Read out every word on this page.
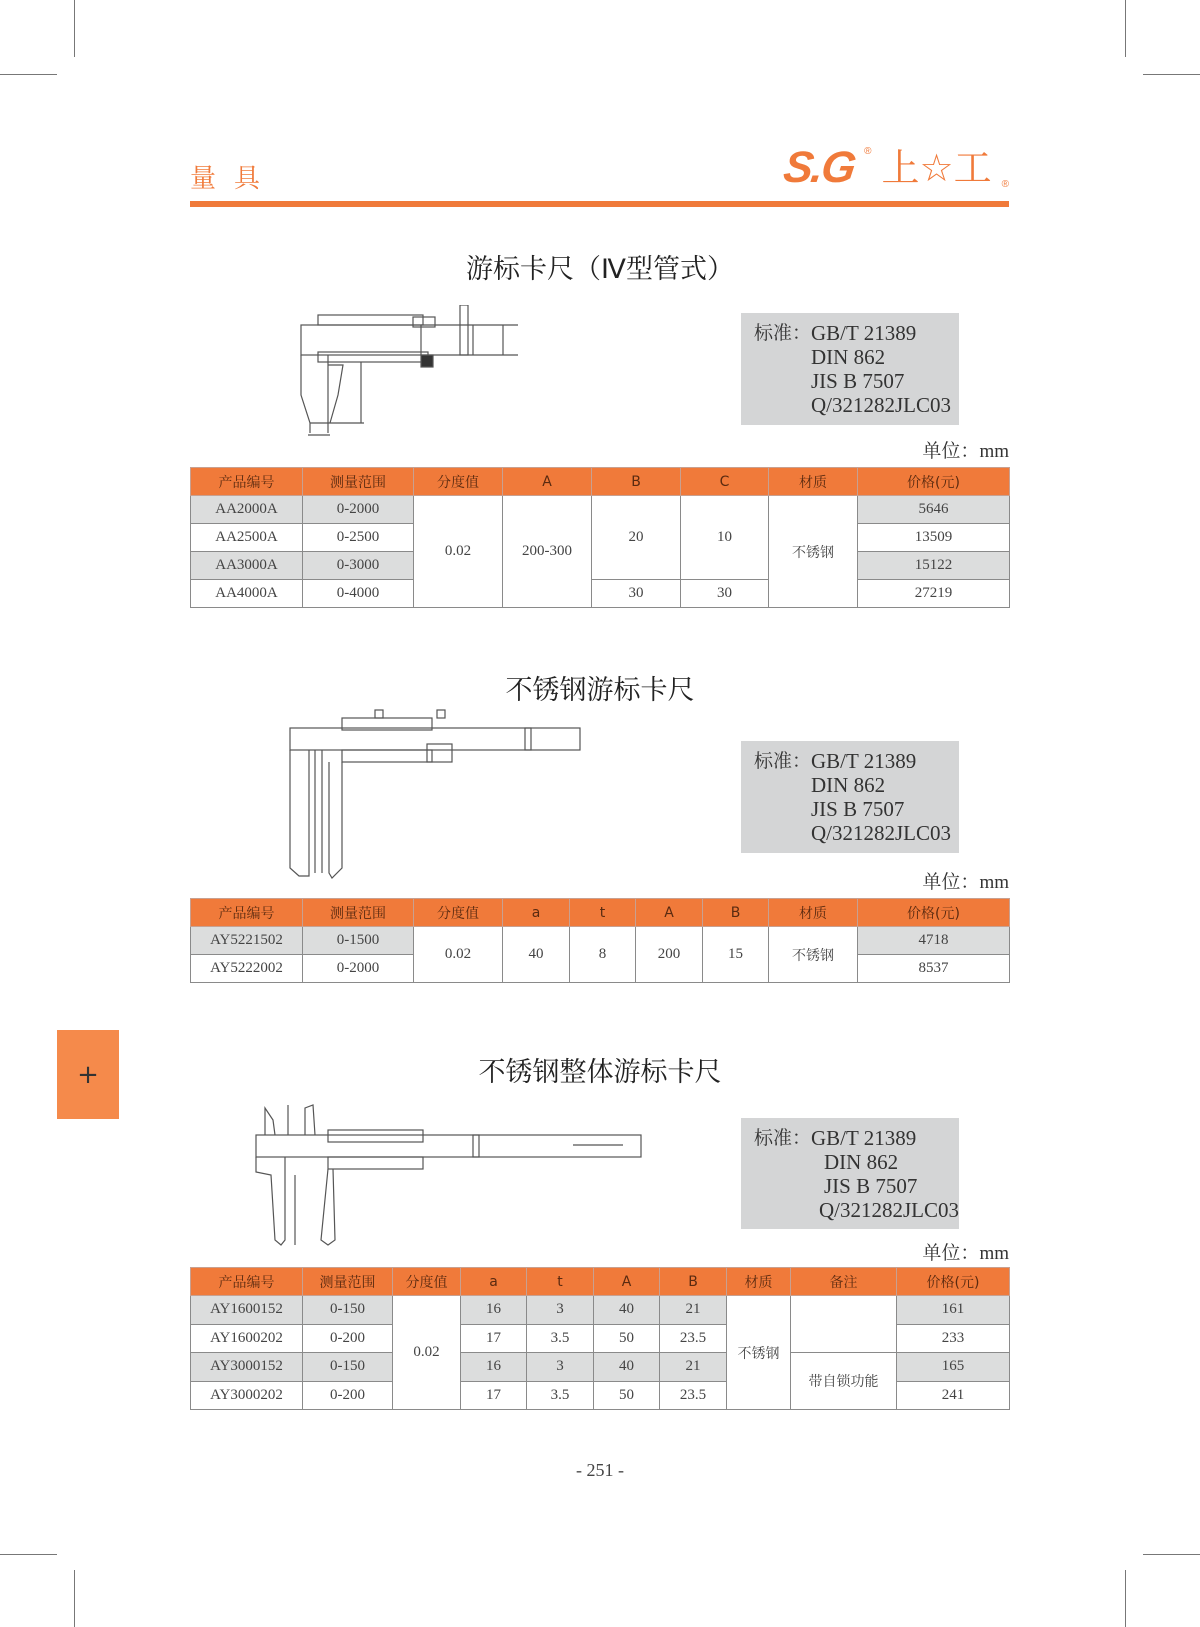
量具	S.G ® 上☆工 ®
游标卡尺（Ⅳ型管式）
标准： GB/T 21389
DIN 862
JIS B 7507
Q/321282JLC03
单位：mm
产品编号	测量范围	分度值	A	B	C	材质	价格(元)
AA2000A	0-2000	0.02	200-300	20	10	不锈钢	5646
AA2500A	0-2500						13509
AA3000A	0-3000						15122
AA4000A	0-4000			30	30		27219
不锈钢游标卡尺
标准： GB/T 21389
DIN 862
JIS B 7507
Q/321282JLC03
单位：mm
产品编号	测量范围	分度值	a	t	A	B	材质	价格(元)
AY5221502	0-1500	0.02	40	8	200	15	不锈钢	4718
AY5222002	0-2000							8537
+	不锈钢整体游标卡尺
标准： GB/T 21389
DIN 862
JIS B 7507
Q/321282JLC03
单位：mm
产品编号	测量范围	分度值	a	t	A	B	材质	备注	价格(元)
AY1600152	0-150	0.02	16	3	40	21	不锈钢		161
AY1600202	0-200		17	3.5	50	23.5			233
AY3000152	0-150		16	3	40	21		带自锁功能	165
AY3000202	0-200		17	3.5	50	23.5			241
- 251 -
